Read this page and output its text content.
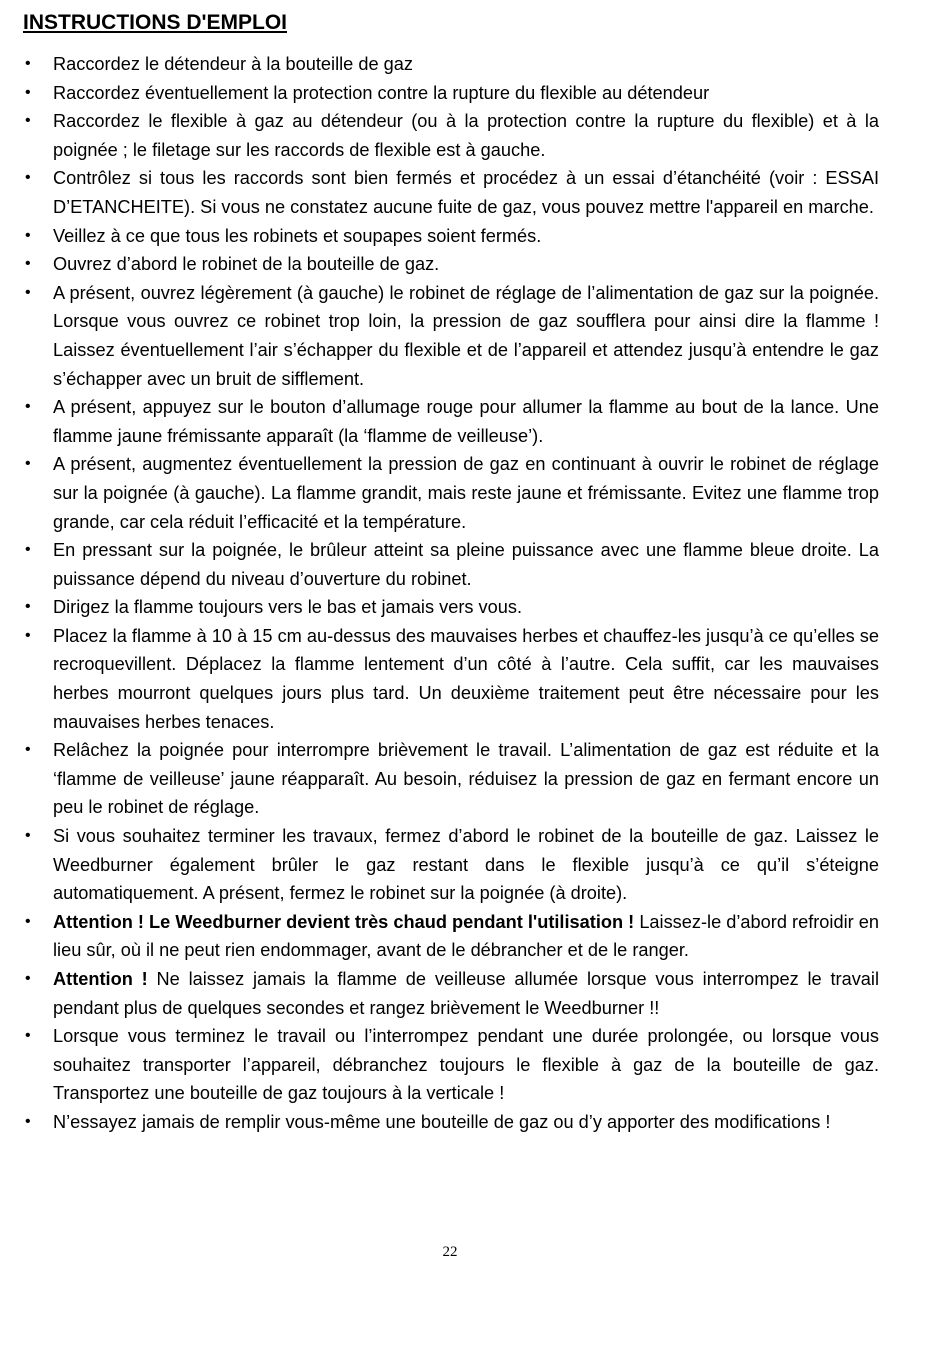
INSTRUCTIONS D'EMPLOI
• Raccordez le détendeur à la bouteille de gaz
• Raccordez éventuellement la protection contre la rupture du flexible au détendeur
• Raccordez le flexible à gaz au détendeur (ou à la protection contre la rupture du flexible) et à la poignée ; le filetage sur les raccords de flexible est à gauche.
• Contrôlez si tous les raccords sont bien fermés et procédez à un essai d’étanchéité (voir : ESSAI D’ETANCHEITE). Si vous ne constatez aucune fuite de gaz, vous pouvez mettre l'appareil en marche.
• Veillez à ce que tous les robinets et soupapes soient fermés.
• Ouvrez d’abord le robinet de la bouteille de gaz.
• A présent, ouvrez légèrement (à gauche) le robinet de réglage de l’alimentation de gaz sur la poignée. Lorsque vous ouvrez ce robinet trop loin, la pression de gaz soufflera pour ainsi dire la flamme ! Laissez éventuellement l’air s’échapper du flexible et de l’appareil et attendez jusqu’à entendre le gaz s’échapper avec un bruit de sifflement.
• A présent, appuyez sur le bouton d’allumage rouge pour allumer la flamme au bout de la lance. Une flamme jaune frémissante apparaît (la ‘flamme de veilleuse’).
• A présent, augmentez éventuellement la pression de gaz en continuant à ouvrir le robinet de réglage sur la poignée (à gauche). La flamme grandit, mais reste jaune et frémissante. Evitez une flamme trop grande, car cela réduit l’efficacité et la température.
• En pressant sur la poignée, le brûleur atteint sa pleine puissance avec une flamme bleue droite. La puissance dépend du niveau d’ouverture du robinet.
• Dirigez la flamme toujours vers le bas et jamais vers vous.
• Placez la flamme à 10 à 15 cm au-dessus des mauvaises herbes et chauffez-les jusqu’à ce qu’elles se recroquevillent. Déplacez la flamme lentement d’un côté à l’autre. Cela suffit, car les mauvaises herbes mourront quelques jours plus tard. Un deuxième traitement peut être nécessaire pour les mauvaises herbes tenaces.
• Relâchez la poignée pour interrompre brièvement le travail. L’alimentation de gaz est réduite et la ‘flamme de veilleuse’ jaune réapparaît. Au besoin, réduisez la pression de gaz en fermant encore un peu le robinet de réglage.
• Si vous souhaitez terminer les travaux, fermez d’abord le robinet de la bouteille de gaz. Laissez le Weedburner également brûler le gaz restant dans le flexible jusqu’à ce qu’il s’éteigne automatiquement. A présent, fermez le robinet sur la poignée (à droite).
• Attention ! Le Weedburner devient très chaud pendant l'utilisation ! Laissez-le d’abord refroidir en lieu sûr, où il ne peut rien endommager, avant de le débrancher et de le ranger.
• Attention ! Ne laissez jamais la flamme de veilleuse allumée lorsque vous interrompez le travail pendant plus de quelques secondes et rangez brièvement le Weedburner !!
• Lorsque vous terminez le travail ou l’interrompez pendant une durée prolongée, ou lorsque vous souhaitez transporter l’appareil, débranchez toujours le flexible à gaz de la bouteille de gaz. Transportez une bouteille de gaz toujours à la verticale !
• N’essayez jamais de remplir vous-même une bouteille de gaz ou d’y apporter des modifications !
22
